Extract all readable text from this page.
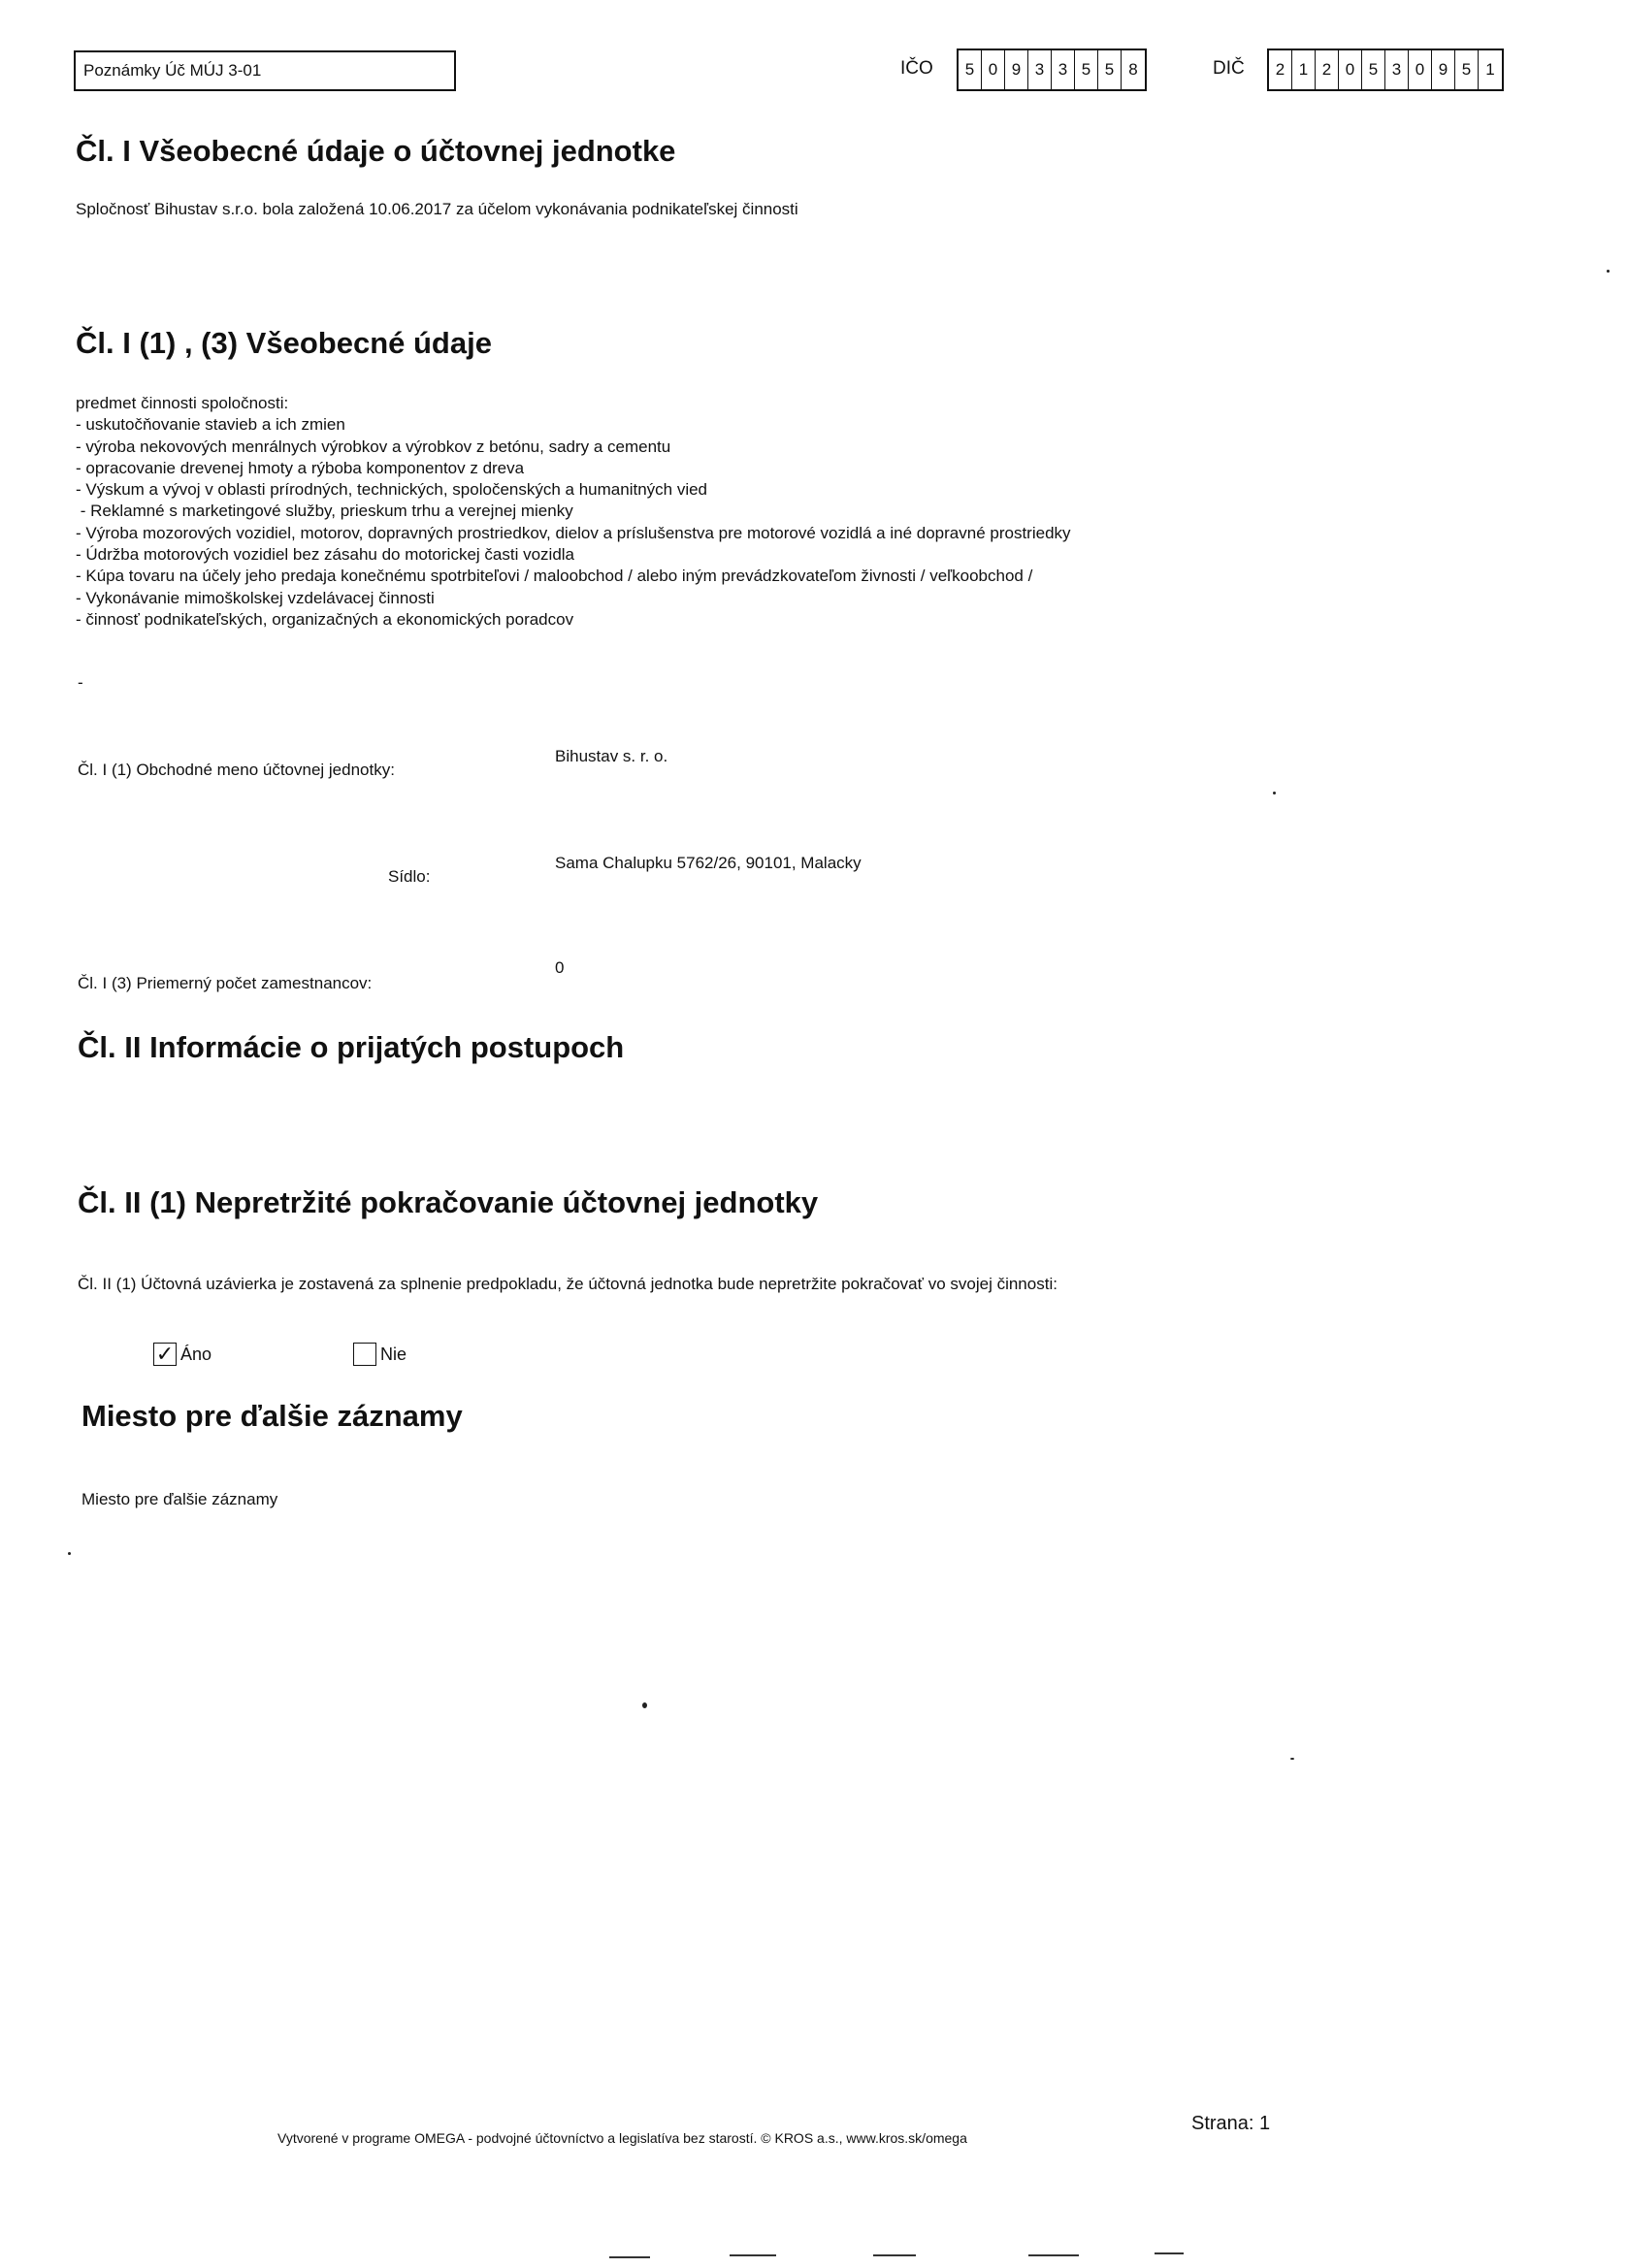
Poznámky Úč MÚJ 3-01	IČO	5 0 9 3 3 5 5 8	DIČ	2 1 2 0 5 3 0 9 5 1
Čl. I Všeobecné údaje o účtovnej jednotke
Spločnosť Bihustav s.r.o. bola založená 10.06.2017 za účelom vykonávania podnikateľskej činnosti
Čl. I (1) , (3) Všeobecné údaje
predmet činnosti spoločnosti:
- uskutočňovanie stavieb a ich zmien
- výroba nekovových menrálnych výrobkov a výrobkov z betónu, sadry a cementu
- opracovanie drevenej hmoty a rýboba komponentov z dreva
- Výskum a vývoj v oblasti prírodných, technických, spoločenských a humanitných vied
- Reklamné s marketingové služby, prieskum trhu a verejnej mienky
- Výroba mozorových vozidiel, motorov, dopravných prostriedkov, dielov a príslušenstva pre motorové vozidlá a iné dopravné prostriedky
- Údržba motorových vozidiel bez zásahu do motorickej časti vozidla
- Kúpa tovaru na účely jeho predaja konečnému spotrbiteľovi / maloobchod / alebo iným prevádzkovateľom živnosti / veľkoobchod /
- Vykonávanie mimoškolskej vzdelávacej činnosti
- činnosť podnikateľských, organizačných a ekonomických poradcov
-
Čl. I (1) Obchodné meno účtovnej jednotky:
Bihustav s. r. o.
Sídlo:
Sama Chalupku 5762/26, 90101, Malacky
Čl. I (3) Priemerný počet zamestnancov:
0
Čl. II Informácie o prijatých postupoch
Čl. II (1) Nepretržité pokračovanie účtovnej jednotky
Čl. II (1) Účtovná uzávierka je zostavená za splnenie predpokladu, že účtovná jednotka bude nepretržite pokračovať vo svojej činnosti:
✓ Áno	Nie
Miesto pre ďalšie záznamy
Miesto pre ďalšie záznamy
Vytvorené v programe OMEGA - podvojné účtovníctvo a legislatíva bez starostí. © KROS a.s., www.kros.sk/omega
Strana: 1
